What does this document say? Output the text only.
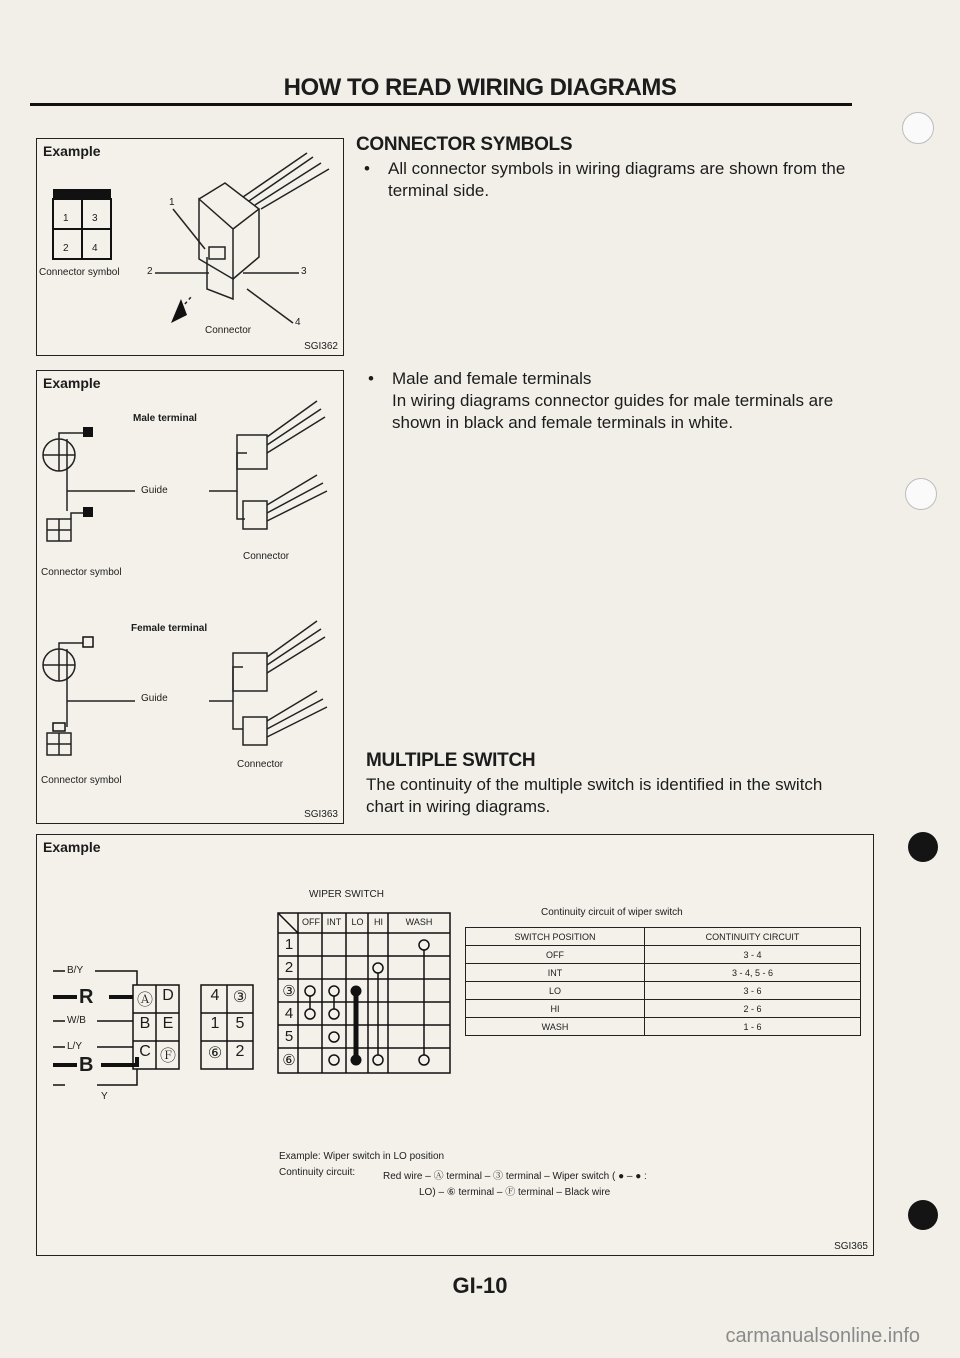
HOW TO READ WIRING DIAGRAMS
Example
1 3
2 4
1
2	3
4
Connector symbol
Connector
SGI362
Example
Male terminal
Guide
Connector
Connector symbol
Female terminal
Guide
Connector
Connector symbol
SGI363
CONNECTOR SYMBOLS
• All connector symbols in wiring diagrams are shown from the terminal side.
• Male and female terminals
In wiring diagrams connector guides for male terminals are shown in black and female terminals in white.
MULTIPLE SWITCH
The continuity of the multiple switch is identified in the switch chart in wiring diagrams.
Example
B/Y
R
W/B
L/Y
B
Y
Ⓐ D
B E
C Ⓕ
4 ③
1	5
⑥ 2
WIPER SWITCH
OFF INT	LO	HI	WASH
1
2
③
4
5
⑥
Continuity circuit of wiper switch
SWITCH POSITION	CONTINUITY CIRCUIT
OFF	3 - 4
INT	3 - 4, 5 - 6
LO	3 - 6
HI	2 - 6
WASH	1 - 6
Example: Wiper switch in LO position
Continuity circuit:	Red wire – Ⓐ terminal – ③ terminal – Wiper switch ( ● – ● :
LO) – ⑥ terminal – Ⓕ terminal – Black wire
SGI365
GI-10
carmanualsonline.info
